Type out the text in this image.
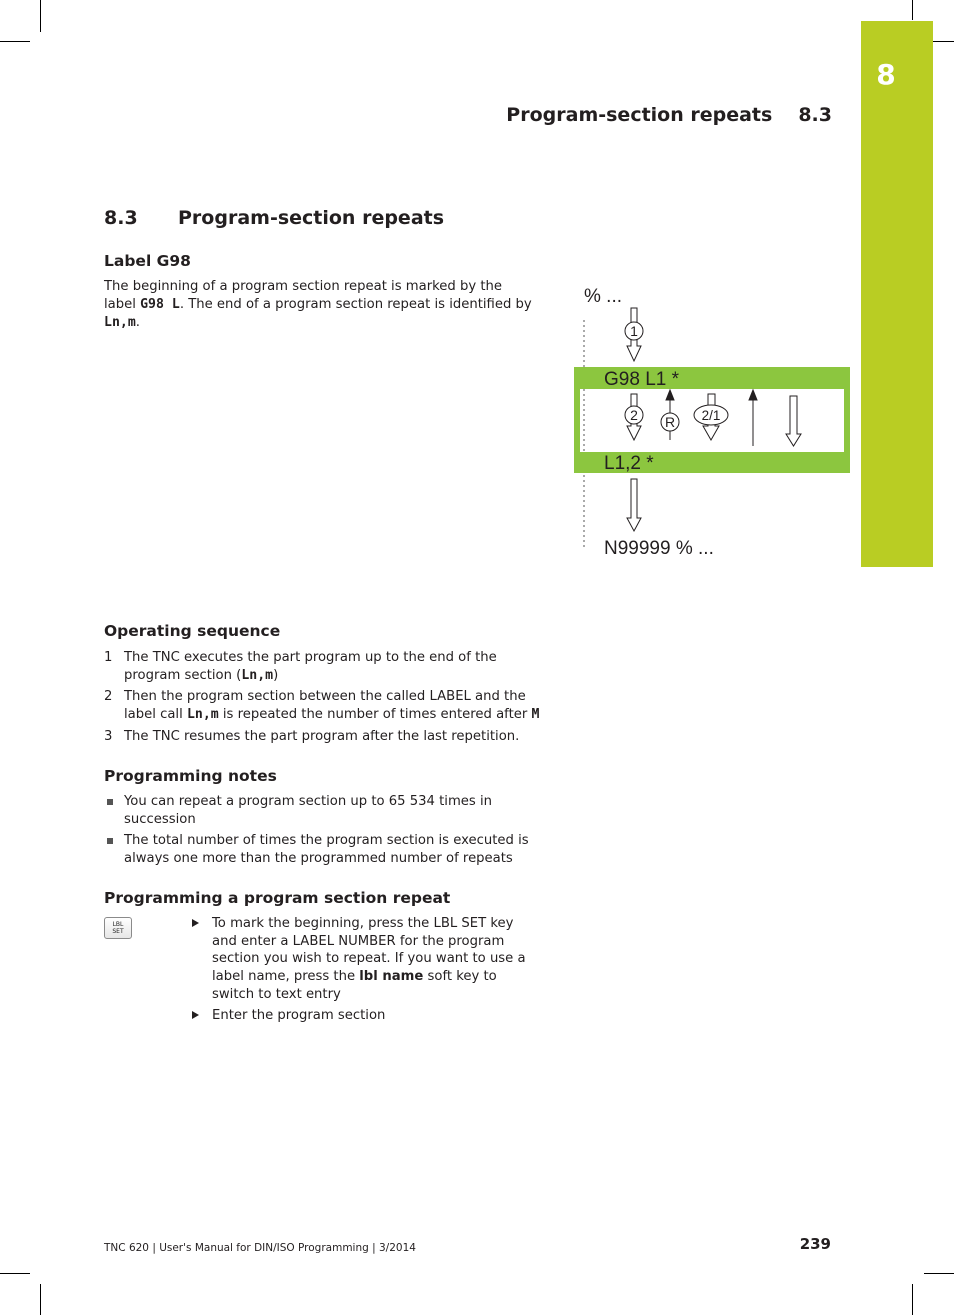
8
Program-section repeats 8.3
8.3 Program-section repeats
Label G98
The beginning of a program section repeat is marked by the label G98 L. The end of a program section repeat is identified by Ln,m.
% ...
G98 L1 *
L1,2 *
N99999 % ...
1
2 R 2/1
Operating sequence
1 The TNC executes the part program up to the end of the program section (Ln,m)
2 Then the program section between the called LABEL and the label call Ln,m is repeated the number of times entered after M
3 The TNC resumes the part program after the last repetition.
Programming notes
You can repeat a program section up to 65 534 times in succession
The total number of times the program section is executed is always one more than the programmed number of repeats
Programming a program section repeat
LBL
SET
To mark the beginning, press the LBL SET key and enter a LABEL NUMBER for the program section you wish to repeat. If you want to use a label name, press the lbl name soft key to switch to text entry
Enter the program section
TNC 620 | User's Manual for DIN/ISO Programming | 3/2014	239
